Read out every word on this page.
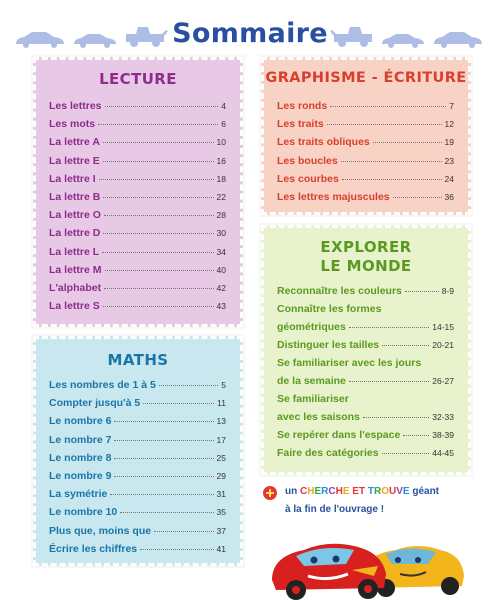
Sommaire
LECTURE
Les lettres	4
Les mots	6
La lettre A	10
La lettre E	16
La lettre I	18
La lettre B	22
La lettre O	28
La lettre D	30
La lettre L	34
La lettre M	40
L'alphabet	42
La lettre S	43
GRAPHISME - ÉCRITURE
Les ronds	7
Les traits	12
Les traits obliques	19
Les boucles	23
Les courbes	24
Les lettres majuscules	36
EXPLORER
LE MONDE
Reconnaître les couleurs	8-9
Connaître les formes
géométriques	14-15
Distinguer les tailles	20-21
Se familiariser avec les jours
de la semaine	26-27
Se familiariser
avec les saisons	32-33
Se repérer dans l'espace	38-39
Faire des catégories	44-45
MATHS
Les nombres de 1 à 5	5
Compter jusqu'à 5	11
Le nombre 6	13
Le nombre 7	17
Le nombre 8	25
Le nombre 9	29
La symétrie	31
Le nombre 10	35
Plus que, moins que	37
Écrire les chiffres	41
un CHERCHE ET TROUVE géant
à la fin de l'ouvrage !
